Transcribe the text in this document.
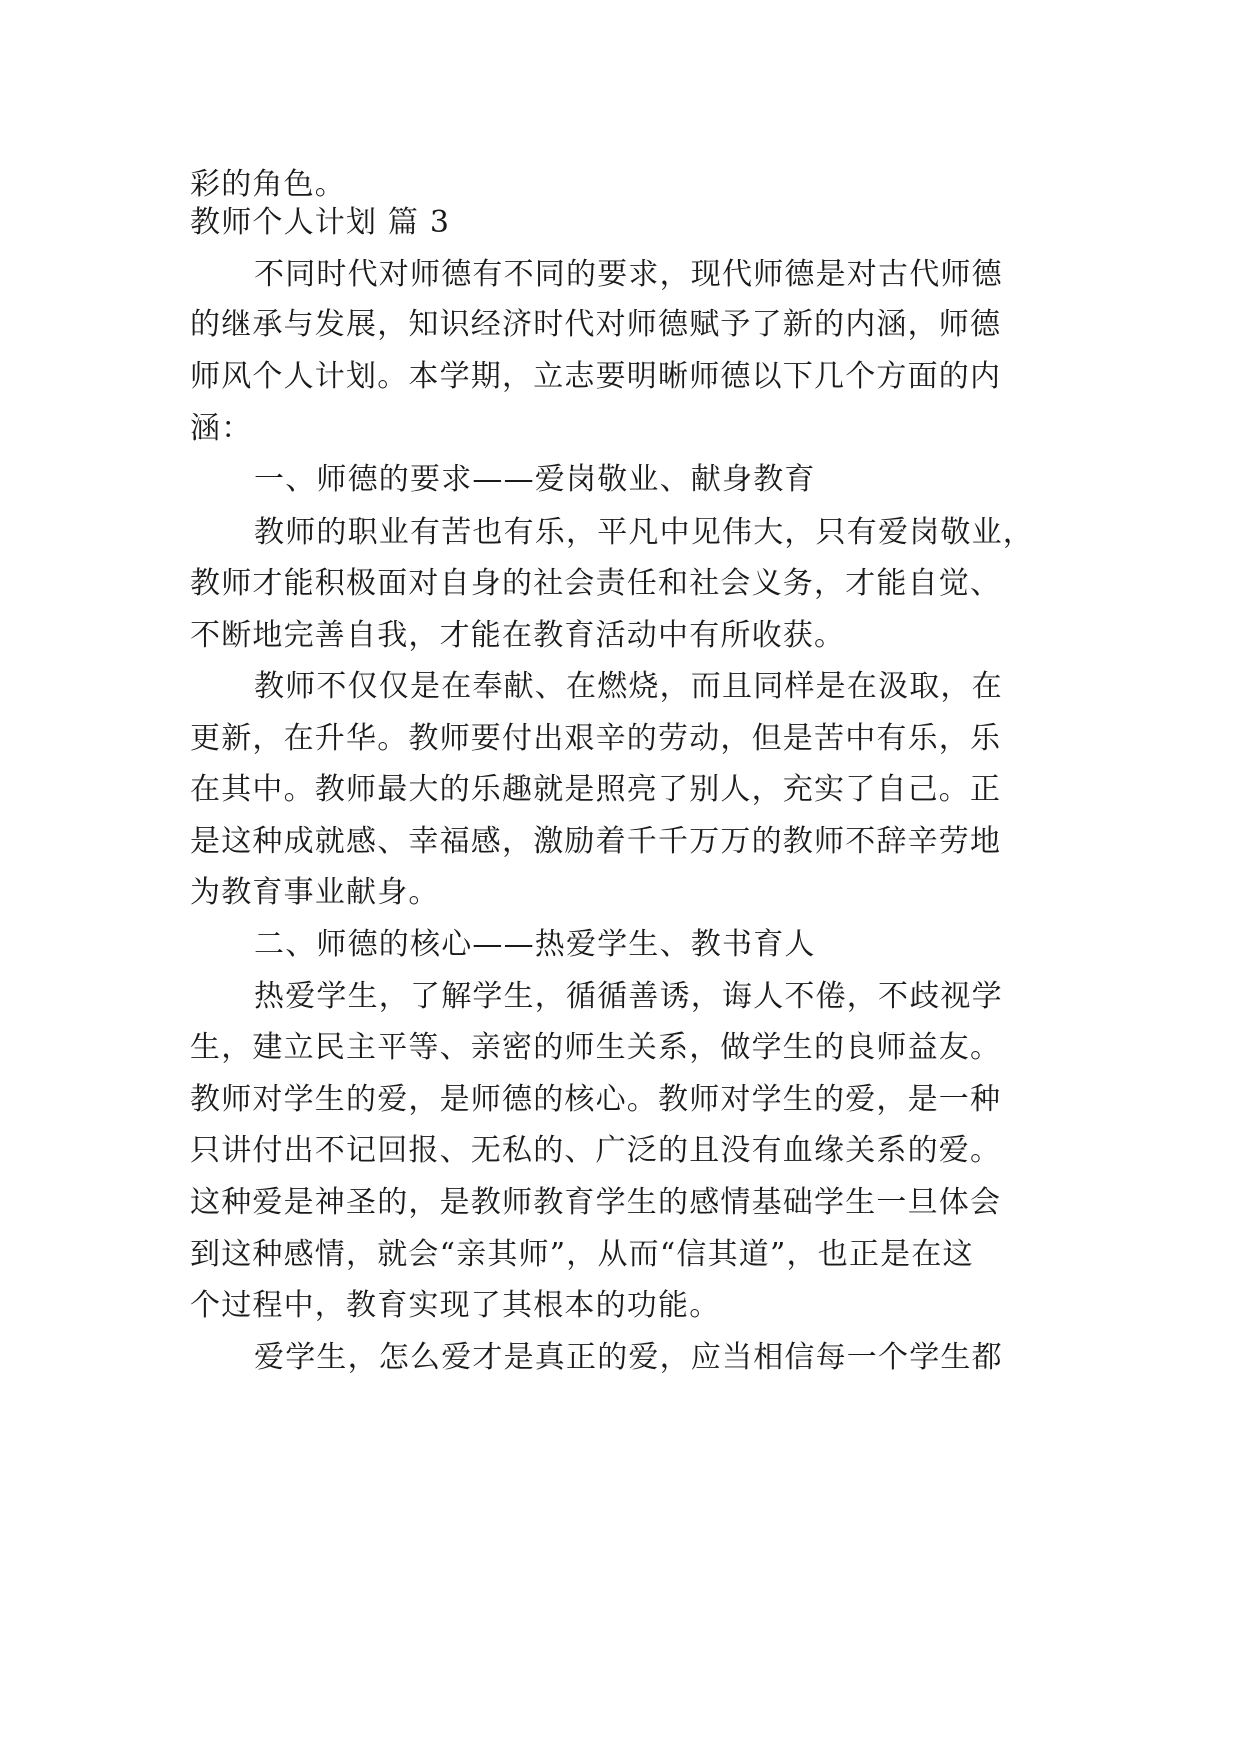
彩的角色。
教师个人计划 篇 3
不同时代对师德有不同的要求，现代师德是对古代师德
的继承与发展，知识经济时代对师德赋予了新的内涵，师德
师风个人计划。本学期，立志要明晰师德以下几个方面的内
涵：
一、师德的要求——爱岗敬业、献身教育
教师的职业有苦也有乐，平凡中见伟大，只有爱岗敬业，
教师才能积极面对自身的社会责任和社会义务，才能自觉、
不断地完善自我，才能在教育活动中有所收获。
教师不仅仅是在奉献、在燃烧，而且同样是在汲取，在
更新，在升华。教师要付出艰辛的劳动，但是苦中有乐，乐
在其中。教师最大的乐趣就是照亮了别人，充实了自己。正
是这种成就感、幸福感，激励着千千万万的教师不辞辛劳地
为教育事业献身。
二、师德的核心——热爱学生、教书育人
热爱学生，了解学生，循循善诱，诲人不倦，不歧视学
生，建立民主平等、亲密的师生关系，做学生的良师益友。
教师对学生的爱，是师德的核心。教师对学生的爱，是一种
只讲付出不记回报、无私的、广泛的且没有血缘关系的爱。
这种爱是神圣的，是教师教育学生的感情基础学生一旦体会
到这种感情，就会“亲其师”，从而“信其道”，也正是在这
个过程中，教育实现了其根本的功能。
爱学生，怎么爱才是真正的爱，应当相信每一个学生都
